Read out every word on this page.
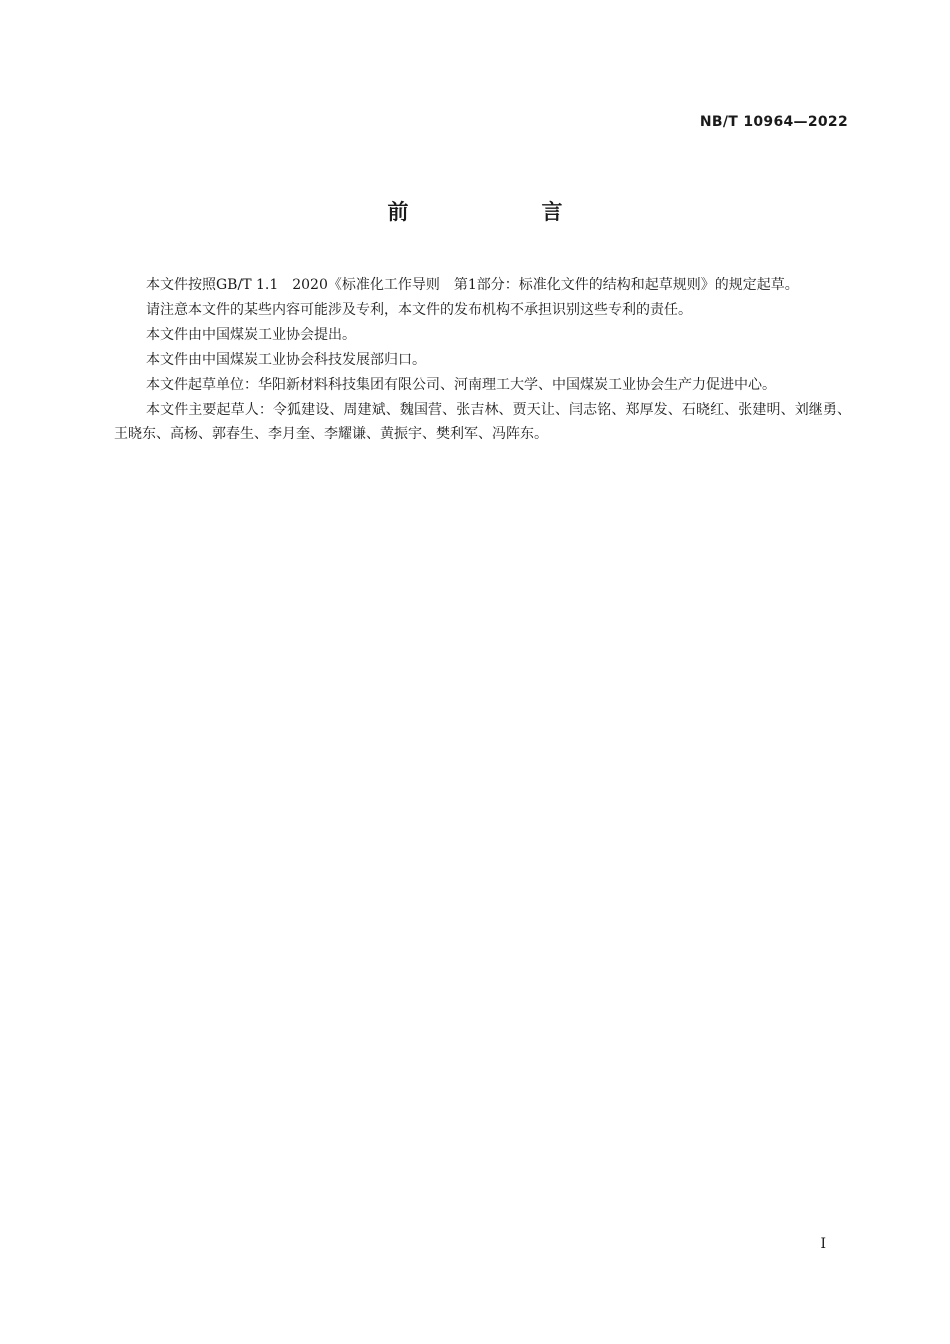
NB/T 10964—2022
前　言

本文件按照GB/T 1.1　2020《标准化工作导则　第1部分：标准化文件的结构和起草规则》的规定起草。

请注意本文件的某些内容可能涉及专利，本文件的发布机构不承担识别这些专利的责任。

本文件由中国煤炭工业协会提出。

本文件由中国煤炭工业协会科技发展部归口。

本文件起草单位：华阳新材料科技集团有限公司、河南理工大学、中国煤炭工业协会生产力促进中心。

本文件主要起草人：令狐建设、周建斌、魏国营、张吉林、贾天让、闫志铭、郑厚发、石晓红、张建明、刘继勇、王晓东、高杨、郭春生、李月奎、李耀谦、黄振宇、樊利军、冯阵东。

I
